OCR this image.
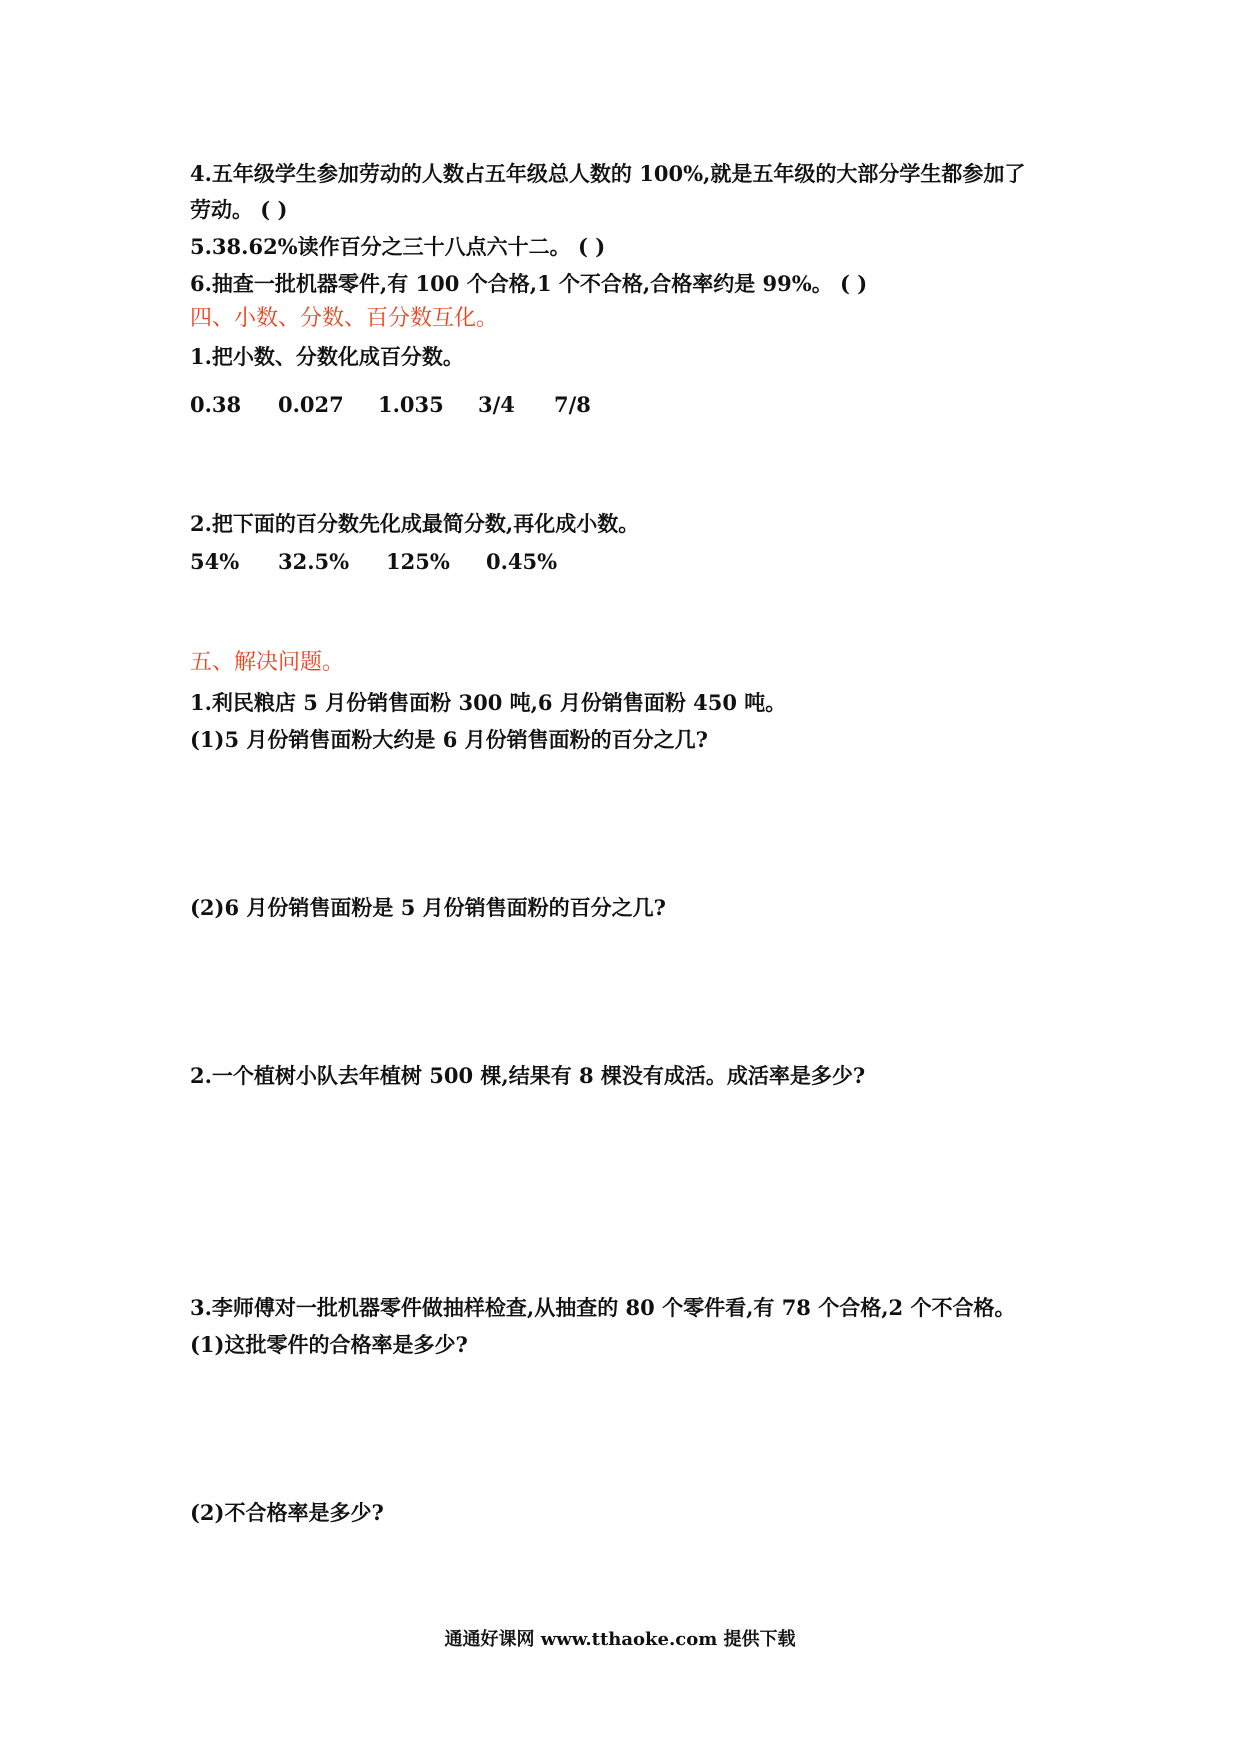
4.五年级学生参加劳动的人数占五年级总人数的 100%,就是五年级的大部分学生都参加了
劳动。 ( )
5.38.62%读作百分之三十八点六十二。 ( )
6.抽查一批机器零件,有 100 个合格,1 个不合格,合格率约是 99%。 ( )
四、小数、分数、百分数互化。
1.把小数、分数化成百分数。
0.38 0.027 1.035 3/4 7/8
2.把下面的百分数先化成最简分数,再化成小数。
54% 32.5% 125% 0.45%
五、解决问题。
1.利民粮店 5 月份销售面粉 300 吨,6 月份销售面粉 450 吨。
(1)5 月份销售面粉大约是 6 月份销售面粉的百分之几?
(2)6 月份销售面粉是 5 月份销售面粉的百分之几?
2.一个植树小队去年植树 500 棵,结果有 8 棵没有成活。成活率是多少?
3.李师傅对一批机器零件做抽样检查,从抽查的 80 个零件看,有 78 个合格,2 个不合格。
(1)这批零件的合格率是多少?
(2)不合格率是多少?
通通好课网 www.tthaoke.com 提供下载
